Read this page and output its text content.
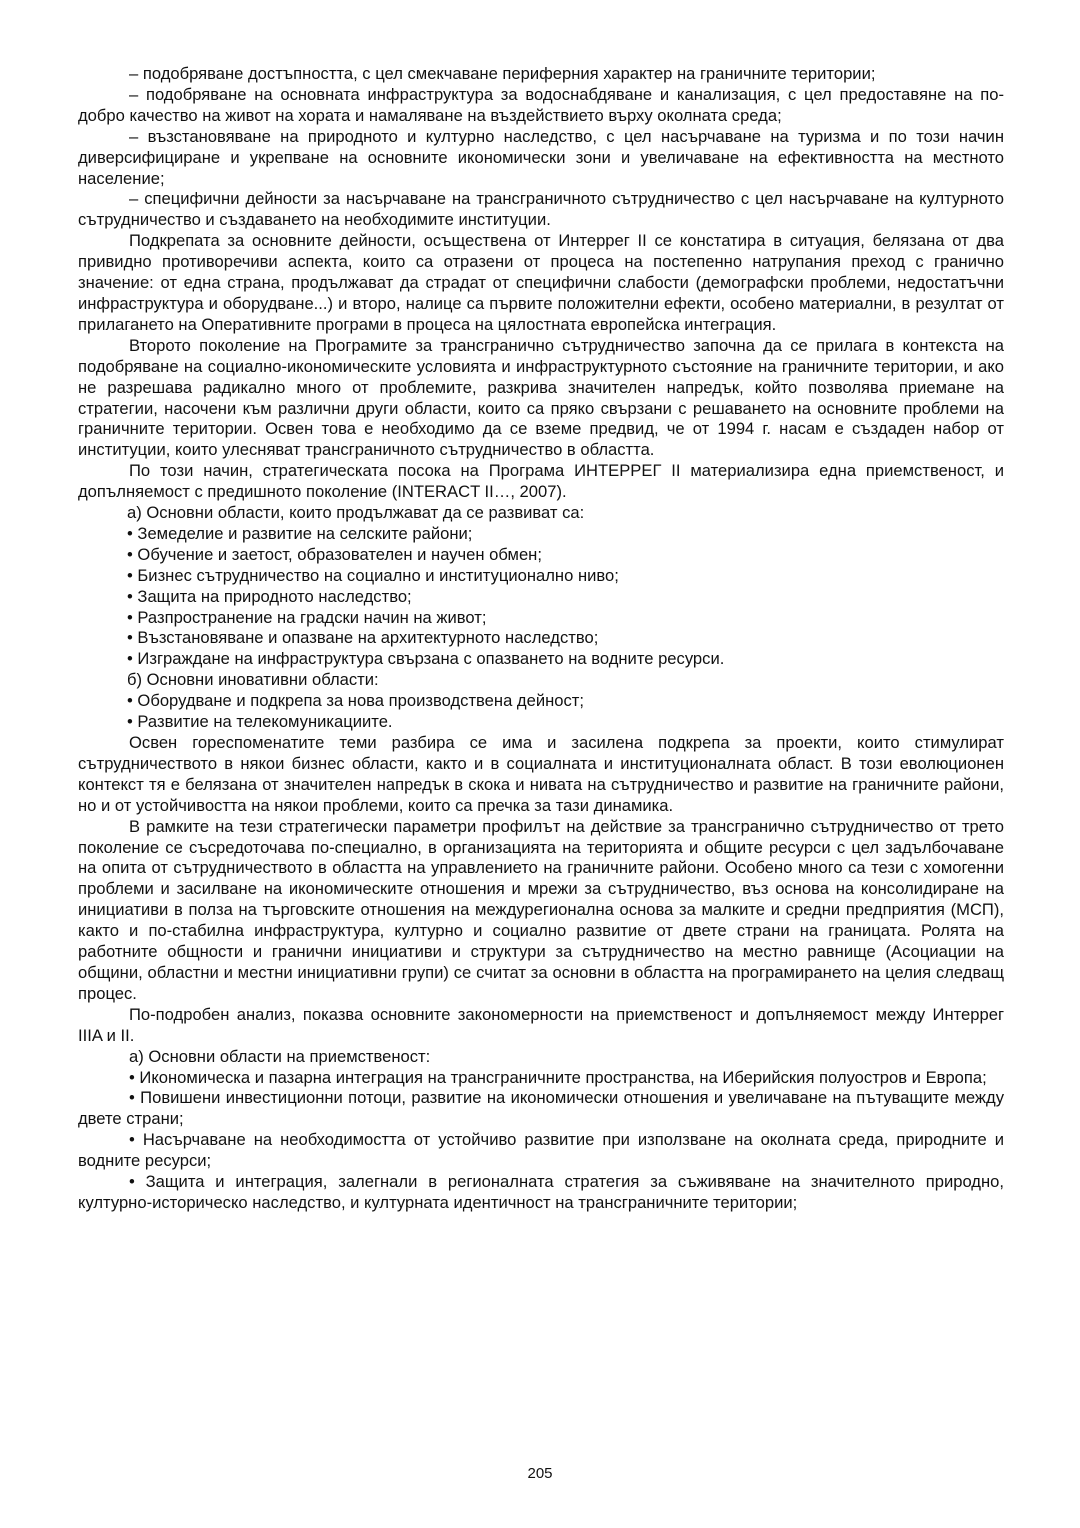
– подобряване достъпността, с цел смекчаване периферния характер на граничните територии;

– подобряване на основната инфраструктура за водоснабдяване и канализация, с цел предоставяне на по-добро качество на живот на хората и намаляване на въздействието върху околната среда;

– възстановяване на природното и културно наследство, с цел насърчаване на туризма и по този начин диверсифициране и укрепване на основните икономически зони и увеличаване на ефективността на местното население;

– специфични дейности за насърчаване на трансграничното сътрудничество с цел насърчаване на културното сътрудничество и създаването на необходимите институции.

Подкрепата за основните дейности, осъществена от Интеррег II се констатира в ситуация, белязана от два привидно противоречиви аспекта, които са отразени от процеса на постепенно натрупания преход с гранично значение: от една страна, продължават да страдат от специфични слабости (демографски проблеми, недостатъчни инфраструктура и оборудване...) и второ, налице са първите положителни ефекти, особено материални, в резултат от прилагането на Оперативните програми в процеса на цялостната европейска интеграция.

Второто поколение на Програмите за трансгранично сътрудничество започна да се прилага в контекста на подобряване на социално-икономическите условията и инфраструктурното състояние на граничните територии, и ако не разрешава радикално много от проблемите, разкрива значителен напредък, който позволява приемане на стратегии, насочени към различни други области, които са пряко свързани с решаването на основните проблеми на граничните територии. Освен това е необходимо да се вземе предвид, че от 1994 г. насам е създаден набор от институции, които улесняват трансграничното сътрудничество в областта.

По този начин, стратегическата посока на Програма ИНТЕРРЕГ II материализира една приемственост, и допълняемост с предишното поколение (INTERACT II…, 2007).

а) Основни области, които продължават да се развиват са:

• Земеделие и развитие на селските райони;

• Обучение и заетост, образователен и научен обмен;

• Бизнес сътрудничество на социално и институционално ниво;

• Защита на природното наследство;

• Разпространение на градски начин на живот;

• Възстановяване и опазване на архитектурното наследство;

• Изграждане на инфраструктура свързана с опазването на водните ресурси.

б) Основни иновативни области:

• Оборудване и подкрепа за нова производствена дейност;

• Развитие на телекомуникациите.

Освен гореспоменатите теми разбира се има и засилена подкрепа за проекти, които стимулират сътрудничеството в някои бизнес области, както и в социалната и институционалната област. В този еволюционен контекст тя е белязана от значителен напредък в скока и нивата на сътрудничество и развитие на граничните райони, но и от устойчивостта на някои проблеми, които са пречка за тази динамика.

В рамките на тези стратегически параметри профилът на действие за трансгранично сътрудничество от трето поколение се съсредоточава по-специално, в организацията на територията и общите ресурси с цел задълбочаване на опита от сътрудничеството в областта на управлението на граничните райони. Особено много са тези с хомогенни проблеми и засилване на икономическите отношения и мрежи за сътрудничество, въз основа на консолидиране на инициативи в полза на търговските отношения на междурегионална основа за малките и средни предприятия (МСП), както и по-стабилна инфраструктура, културно и социално развитие от двете страни на границата. Ролята на работните общности и гранични инициативи и структури за сътрудничество на местно равнище (Асоциации на общини, областни и местни инициативни групи) се считат за основни в областта на програмирането на целия следващ процес.

По-подробен анализ, показва основните закономерности на приемственост и допълняемост между Интеррег IIIA и II.

а) Основни области на приемственост:

• Икономическа и пазарна интеграция на трансграничните пространства, на Иберийския полуостров и Европа;

• Повишени инвестиционни потоци, развитие на икономически отношения и увеличаване на пътуващите между двете страни;

• Насърчаване на необходимостта от устойчиво развитие при използване на околната среда, природните и водните ресурси;

• Защита и интеграция, залегнали в регионалната стратегия за съживяване на значителното природно, културно-историческо наследство, и културната идентичност на трансграничните територии;

205
